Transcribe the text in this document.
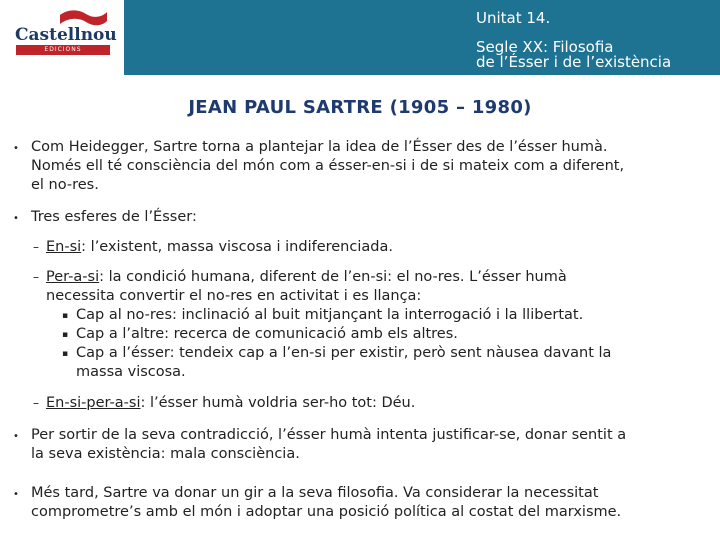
Castellnou
EDICIONS
Unitat 14.
Segle XX: Filosofia
de l’Ésser i de l’existència
JEAN PAUL SARTRE (1905 – 1980)
• Com Heidegger, Sartre torna a plantejar la idea de l’Ésser des de l’ésser humà.
Només ell té consciència del món com a ésser-en-si i de si mateix com a diferent,
el no-res.
• Tres esferes de l’Ésser:
– En-si: l’existent, massa viscosa i indiferenciada.
– Per-a-si: la condició humana, diferent de l’en-si: el no-res. L’ésser humà
necessita convertir el no-res en activitat i es llança:
▪ Cap al no-res: inclinació al buit mitjançant la interrogació i la llibertat.
▪ Cap a l’altre: recerca de comunicació amb els altres.
▪ Cap a l’ésser: tendeix cap a l’en-si per existir, però sent nàusea davant la
massa viscosa.
– En-si-per-a-si: l’ésser humà voldria ser-ho tot: Déu.
• Per sortir de la seva contradicció, l’ésser humà intenta justificar-se, donar sentit a
la seva existència: mala consciència.
• Més tard, Sartre va donar un gir a la seva filosofia. Va considerar la necessitat
comprometre’s amb el món i adoptar una posició política al costat del marxisme.
